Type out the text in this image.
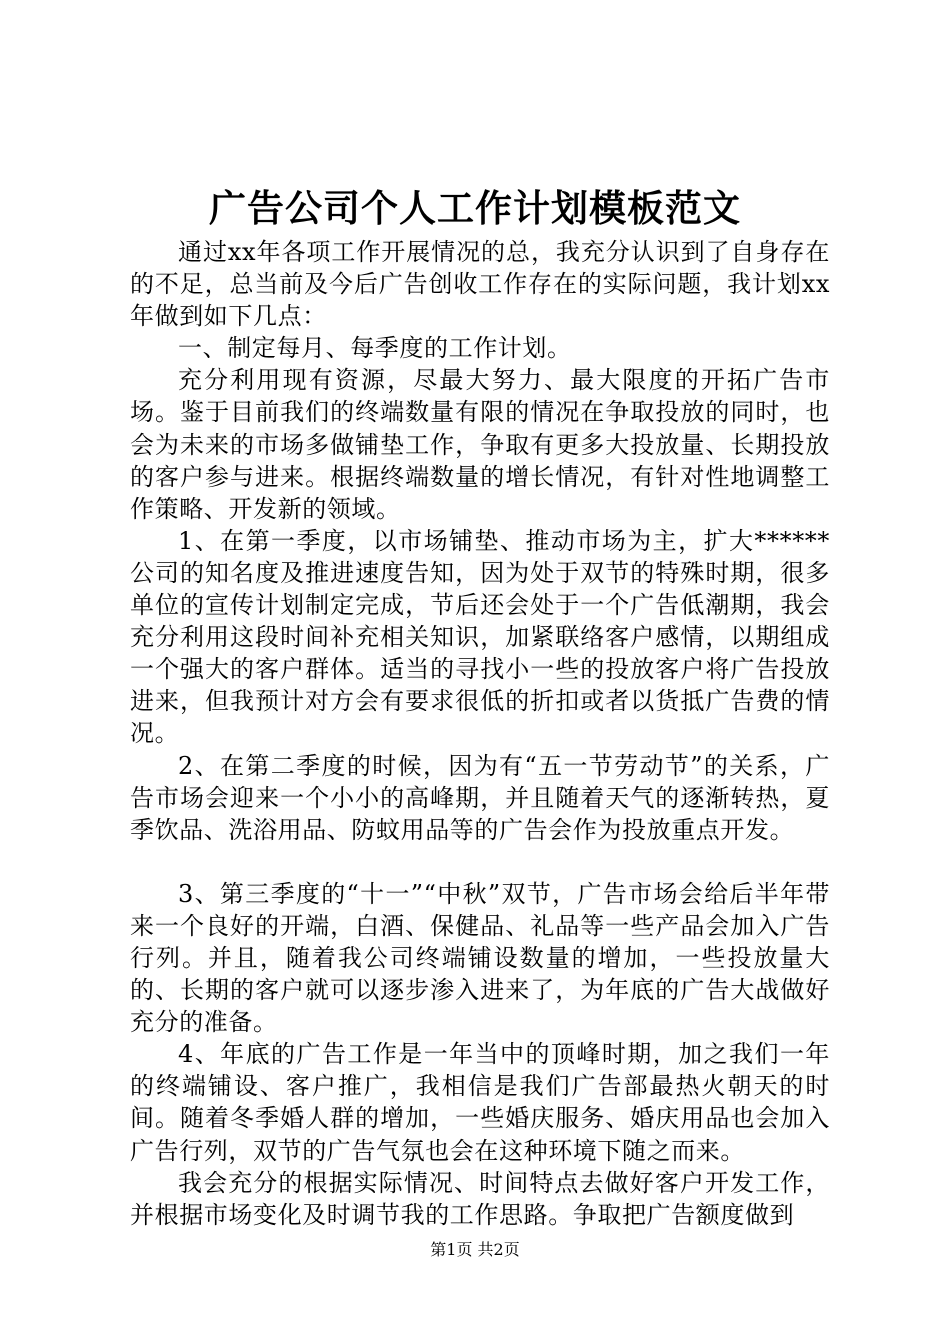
广告公司个人工作计划模板范文

通过xx年各项工作开展情况的总，我充分认识到了自身存在的不足，总当前及今后广告创收工作存在的实际问题，我计划xx年做到如下几点：

一、制定每月、每季度的工作计划。

充分利用现有资源，尽最大努力、最大限度的开拓广告市场。鉴于目前我们的终端数量有限的情况在争取投放的同时，也会为未来的市场多做铺垫工作，争取有更多大投放量、长期投放的客户参与进来。根据终端数量的增长情况，有针对性地调整工作策略、开发新的领域。

1、在第一季度，以市场铺垫、推动市场为主，扩大******公司的知名度及推进速度告知，因为处于双节的特殊时期，很多单位的宣传计划制定完成，节后还会处于一个广告低潮期，我会充分利用这段时间补充相关知识，加紧联络客户感情，以期组成一个强大的客户群体。适当的寻找小一些的投放客户将广告投放进来，但我预计对方会有要求很低的折扣或者以货抵广告费的情况。

2、在第二季度的时候，因为有“五一节劳动节”的关系，广告市场会迎来一个小小的高峰期，并且随着天气的逐渐转热，夏季饮品、洗浴用品、防蚊用品等的广告会作为投放重点开发。

3、第三季度的“十一”“中秋”双节，广告市场会给后半年带来一个良好的开端，白酒、保健品、礼品等一些产品会加入广告行列。并且，随着我公司终端铺设数量的增加，一些投放量大的、长期的客户就可以逐步渗入进来了，为年底的广告大战做好充分的准备。

4、年底的广告工作是一年当中的顶峰时期，加之我们一年的终端铺设、客户推广，我相信是我们广告部最热火朝天的时间。随着冬季婚人群的增加，一些婚庆服务、婚庆用品也会加入广告行列，双节的广告气氛也会在这种环境下随之而来。

我会充分的根据实际情况、时间特点去做好客户开发工作，并根据市场变化及时调节我的工作思路。争取把广告额度做到

第1页 共2页
